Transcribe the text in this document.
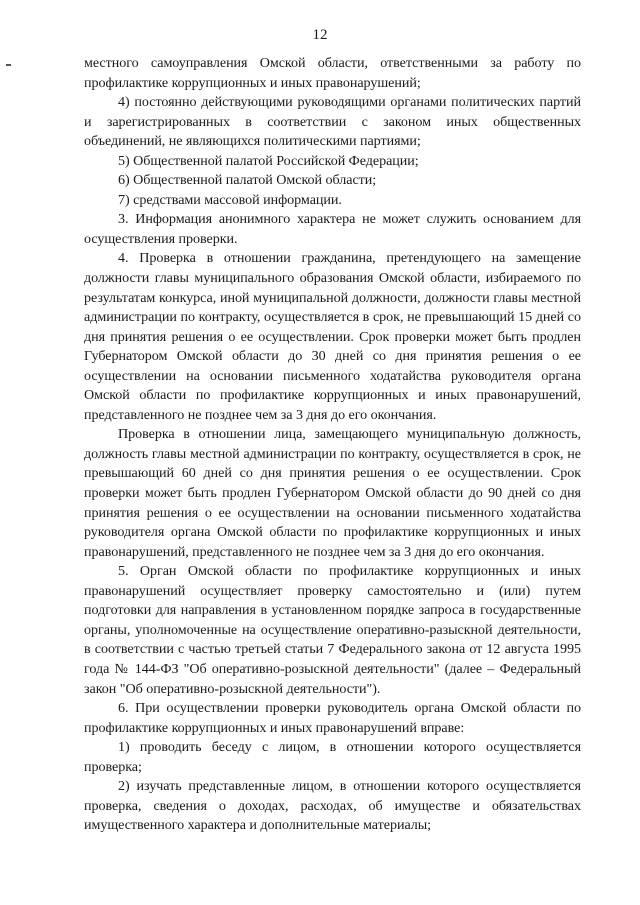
12

местного самоуправления Омской области, ответственными за работу по профилактике коррупционных и иных правонарушений;

4) постоянно действующими руководящими органами политических партий и зарегистрированных в соответствии с законом иных общественных объединений, не являющихся политическими партиями;

5) Общественной палатой Российской Федерации;

6) Общественной палатой Омской области;

7) средствами массовой информации.

3. Информация анонимного характера не может служить основанием для осуществления проверки.

4. Проверка в отношении гражданина, претендующего на замещение должности главы муниципального образования Омской области, избираемого по результатам конкурса, иной муниципальной должности, должности главы местной администрации по контракту, осуществляется в срок, не превышающий 15 дней со дня принятия решения о ее осуществлении. Срок проверки может быть продлен Губернатором Омской области до 30 дней со дня принятия решения о ее осуществлении на основании письменного ходатайства руководителя органа Омской области по профилактике коррупционных и иных правонарушений, представленного не позднее чем за 3 дня до его окончания.

Проверка в отношении лица, замещающего муниципальную должность, должность главы местной администрации по контракту, осуществляется в срок, не превышающий 60 дней со дня принятия решения о ее осуществлении. Срок проверки может быть продлен Губернатором Омской области до 90 дней со дня принятия решения о ее осуществлении на основании письменного ходатайства руководителя органа Омской области по профилактике коррупционных и иных правонарушений, представленного не позднее чем за 3 дня до его окончания.

5. Орган Омской области по профилактике коррупционных и иных правонарушений осуществляет проверку самостоятельно и (или) путем подготовки для направления в установленном порядке запроса в государственные органы, уполномоченные на осуществление оперативно-разыскной деятельности, в соответствии с частью третьей статьи 7 Федерального закона от 12 августа 1995 года № 144-ФЗ "Об оперативно-розыскной деятельности" (далее – Федеральный закон "Об оперативно-розыскной деятельности").

6. При осуществлении проверки руководитель органа Омской области по профилактике коррупционных и иных правонарушений вправе:

1) проводить беседу с лицом, в отношении которого осуществляется проверка;

2) изучать представленные лицом, в отношении которого осуществляется проверка, сведения о доходах, расходах, об имуществе и обязательствах имущественного характера и дополнительные материалы;
